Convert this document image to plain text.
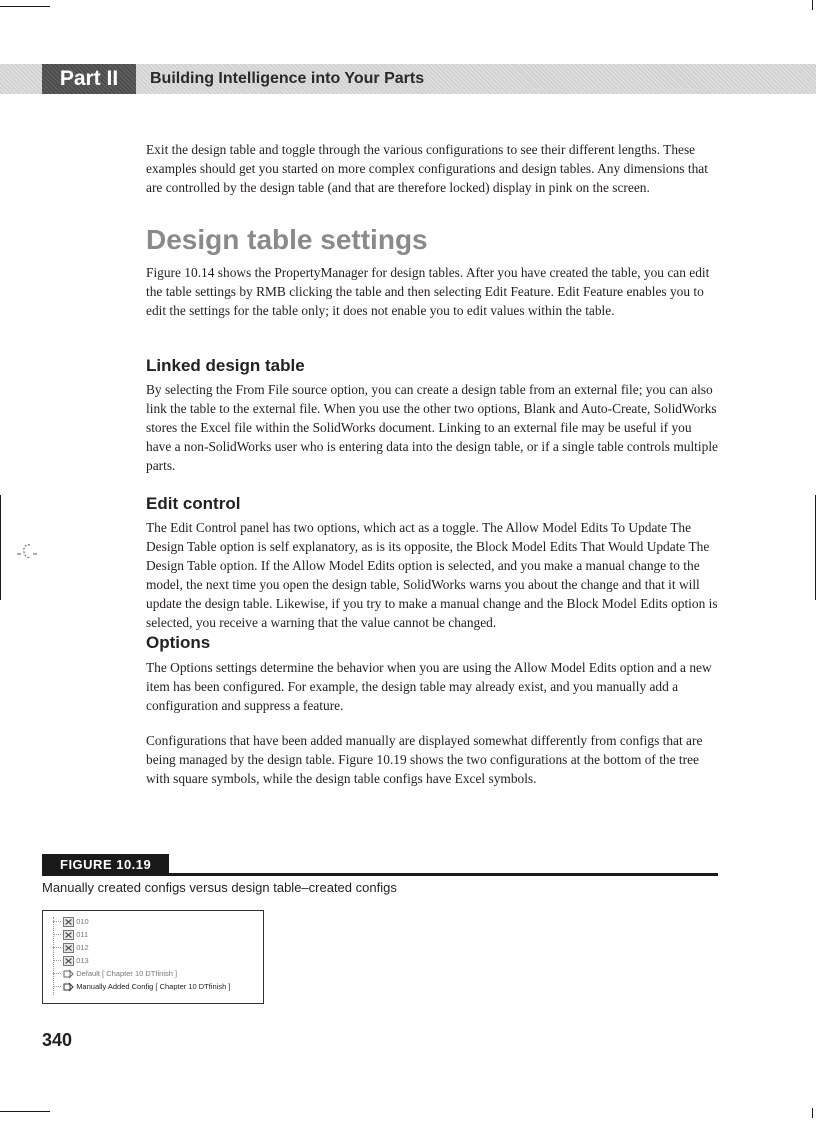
Part II	Building Intelligence into Your Parts

Exit the design table and toggle through the various configurations to see their different lengths. These examples should get you started on more complex configurations and design tables. Any dimensions that are controlled by the design table (and that are therefore locked) display in pink on the screen.

Design table settings

Figure 10.14 shows the PropertyManager for design tables. After you have created the table, you can edit the table settings by RMB clicking the table and then selecting Edit Feature. Edit Feature enables you to edit the settings for the table only; it does not enable you to edit values within the table.

Linked design table

By selecting the From File source option, you can create a design table from an external file; you can also link the table to the external file. When you use the other two options, Blank and Auto-Create, SolidWorks stores the Excel file within the SolidWorks document. Linking to an external file may be useful if you have a non-SolidWorks user who is entering data into the design table, or if a single table controls multiple parts.

Edit control

The Edit Control panel has two options, which act as a toggle. The Allow Model Edits To Update The Design Table option is self explanatory, as is its opposite, the Block Model Edits That Would Update The Design Table option. If the Allow Model Edits option is selected, and you make a manual change to the model, the next time you open the design table, SolidWorks warns you about the change and that it will update the design table. Likewise, if you try to make a manual change and the Block Model Edits option is selected, you receive a warning that the value cannot be changed.

Options

The Options settings determine the behavior when you are using the Allow Model Edits option and a new item has been configured. For example, the design table may already exist, and you manually add a configuration and suppress a feature.

Configurations that have been added manually are displayed somewhat differently from configs that are being managed by the design table. Figure 10.19 shows the two configurations at the bottom of the tree with square symbols, while the design table configs have Excel symbols.

FIGURE 10.19
Manually created configs versus design table–created configs
010
011
012
013
Default [ Chapter 10 DTfinish ]
Manually Added Config [ Chapter 10 DTfinish ]
340
